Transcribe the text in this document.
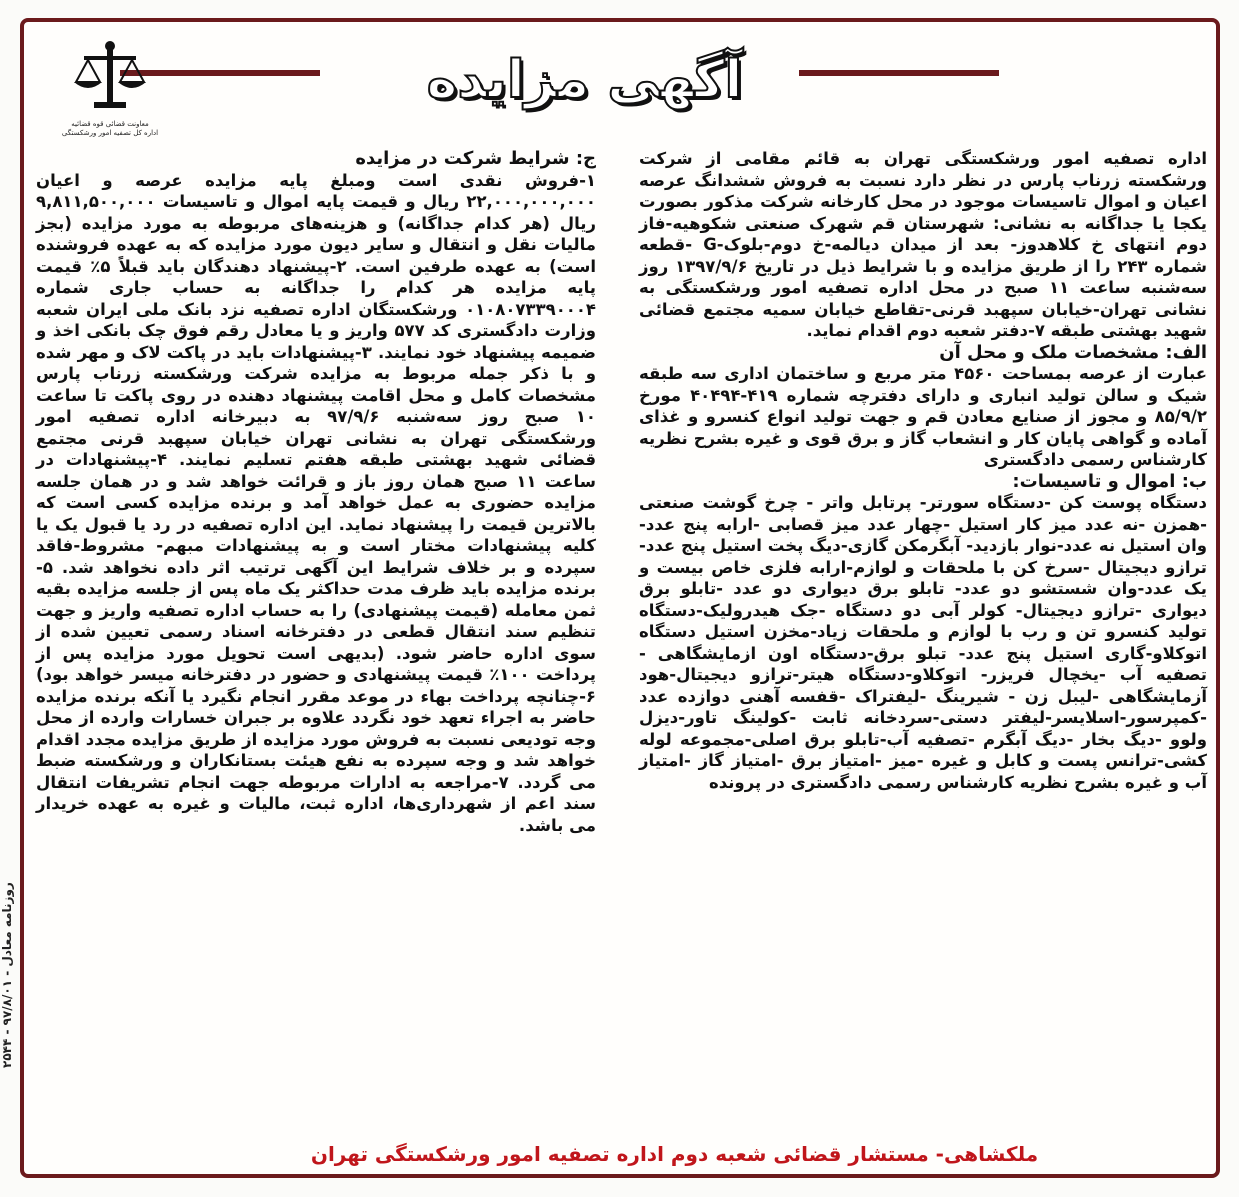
آگهی مزایده
معاونت قضائی قوه قضائیه
اداره کل تصفیه امور ورشکستگی

اداره تصفیه امور ورشکستگی تهران به قائم مقامی از شرکت ورشکسته زرناب پارس در نظر دارد نسبت به فروش ششدانگ عرصه اعیان و اموال تاسیسات موجود در محل کارخانه شرکت مذکور بصورت یکجا یا جداگانه به نشانی: شهرستان قم شهرک صنعتی شکوهیه-فاز دوم انتهای خ کلاهدوز- بعد از میدان دیالمه-خ دوم-بلوک-G -قطعه شماره ۲۴۳ را از طریق مزایده و با شرایط ذیل در تاریخ ۱۳۹۷/۹/۶ روز سه‌شنبه ساعت ۱۱ صبح در محل اداره تصفیه امور ورشکستگی به نشانی تهران-خیابان سپهبد قرنی-تقاطع خیابان سمیه مجتمع قضائی شهید بهشتی طبقه ۷-دفتر شعبه دوم اقدام نماید.

الف: مشخصات ملک و محل آن

عبارت از عرصه بمساحت ۴۵۶۰ متر مربع و ساختمان اداری سه طبقه شیک و سالن تولید انباری و دارای دفترچه شماره ۴۱۹-۴۰۴۹۴ مورخ ۸۵/۹/۲ و مجوز از صنایع معادن قم و جهت تولید انواع کنسرو و غذای آماده و گواهی پایان کار و انشعاب گاز و برق قوی و غیره بشرح نظریه کارشناس رسمی دادگستری

ب: اموال و تاسیسات:

دستگاه پوست کن -دستگاه سورتر- پرتابل واتر - چرخ گوشت صنعتی -همزن -نه عدد میز کار استیل -چهار عدد میز قصابی -ارابه پنج عدد- وان استیل نه عدد-نوار بازدید- آبگرمکن گازی-دیگ پخت استیل پنج عدد- ترازو دیجیتال -سرخ کن با ملحقات و لوازم-ارابه فلزی خاص بیست و یک عدد-وان شستشو دو عدد- تابلو برق دیواری دو عدد -تابلو برق دیواری -ترازو دیجیتال- کولر آبی دو دستگاه -جک هیدرولیک-دستگاه تولید کنسرو تن و رب با لوازم و ملحقات زیاد-مخزن استیل دستگاه اتوکلاو-گاری استیل پنج عدد- تبلو برق-دستگاه اون ازمایشگاهی - تصفیه آب -یخچال فریزر- اتوکلاو-دستگاه هیتر-ترازو دیجیتال-هود آزمایشگاهی -لیبل زن - شیرینگ -لیفتراک -قفسه آهنی دوازده عدد -کمپرسور-اسلایسر-لیفتر دستی-سردخانه ثابت -کولینگ تاور-دیزل ولوو -دیگ بخار -دیگ آبگرم -تصفیه آب-تابلو برق اصلی-مجموعه لوله کشی-ترانس پست و کابل و غیره -میز -امتیاز برق -امتیاز گاز -امتیاز آب و غیره بشرح نظریه کارشناس رسمی دادگستری در پرونده

ج: شرایط شرکت در مزایده

۱-فروش نقدی است ومبلغ پایه مزایده عرصه و اعیان ۲۲,۰۰۰,۰۰۰,۰۰۰ ریال و قیمت پایه اموال و تاسیسات ۹,۸۱۱,۵۰۰,۰۰۰ ریال (هر کدام جداگانه) و هزینه‌های مربوطه به مورد مزایده (بجز مالیات نقل و انتقال و سایر دیون مورد مزایده که به عهده فروشنده است) به عهده طرفین است. ۲-پیشنهاد دهندگان باید قبلاً ۵٪ قیمت پایه مزایده هر کدام را جداگانه به حساب جاری شماره ۰۱۰۸۰۷۳۳۹۰۰۰۴ ورشکستگان اداره تصفیه نزد بانک ملی ایران شعبه وزارت دادگستری کد ۵۷۷ واریز و یا معادل رقم فوق چک بانکی اخذ و ضمیمه پیشنهاد خود نمایند. ۳-پیشنهادات باید در پاکت لاک و مهر شده و با ذکر جمله مربوط به مزایده شرکت ورشکسته زرناب پارس مشخصات کامل و محل اقامت پیشنهاد دهنده در روی پاکت تا ساعت ۱۰ صبح روز سه‌شنبه ۹۷/۹/۶ به دبیرخانه اداره تصفیه امور ورشکستگی تهران به نشانی تهران خیابان سپهبد قرنی مجتمع قضائی شهید بهشتی طبقه هفتم تسلیم نمایند. ۴-پیشنهادات در ساعت ۱۱ صبح همان روز باز و قرائت خواهد شد و در همان جلسه مزایده حضوری به عمل خواهد آمد و برنده مزایده کسی است که بالاترین قیمت را پیشنهاد نماید. این اداره تصفیه در رد یا قبول یک یا کلیه پیشنهادات مختار است و به پیشنهادات مبهم- مشروط-فاقد سپرده و بر خلاف شرایط این آگهی ترتیب اثر داده نخواهد شد. ۵-برنده مزایده باید ظرف مدت حداکثر یک ماه پس از جلسه مزایده بقیه ثمن معامله (قیمت پیشنهادی) را به حساب اداره تصفیه واریز و جهت تنظیم سند انتقال قطعی در دفترخانه اسناد رسمی تعیین شده از سوی اداره حاضر شود. (بدیهی است تحویل مورد مزایده پس از پرداخت ۱۰۰٪ قیمت پیشنهادی و حضور در دفترخانه میسر خواهد بود) ۶-چنانچه پرداخت بهاء در موعد مقرر انجام نگیرد یا آنکه برنده مزایده حاضر به اجراء تعهد خود نگردد علاوه بر جبران خسارات وارده از محل وجه تودیعی نسبت به فروش مورد مزایده از طریق مزایده مجدد اقدام خواهد شد و وجه سپرده به نفع هیئت بستانکاران و ورشکسته ضبط می گردد. ۷-مراجعه به ادارات مربوطه جهت انجام تشریفات انتقال سند اعم از شهرداری‌ها، اداره ثبت، مالیات و غیره به عهده خریدار می باشد.

ملکشاهی- مستشار قضائی شعبه دوم اداره تصفیه امور ورشکستگی تهران
روزنامه معادل - ۹۷/۸/۰۱ - ۲۵۴۴
